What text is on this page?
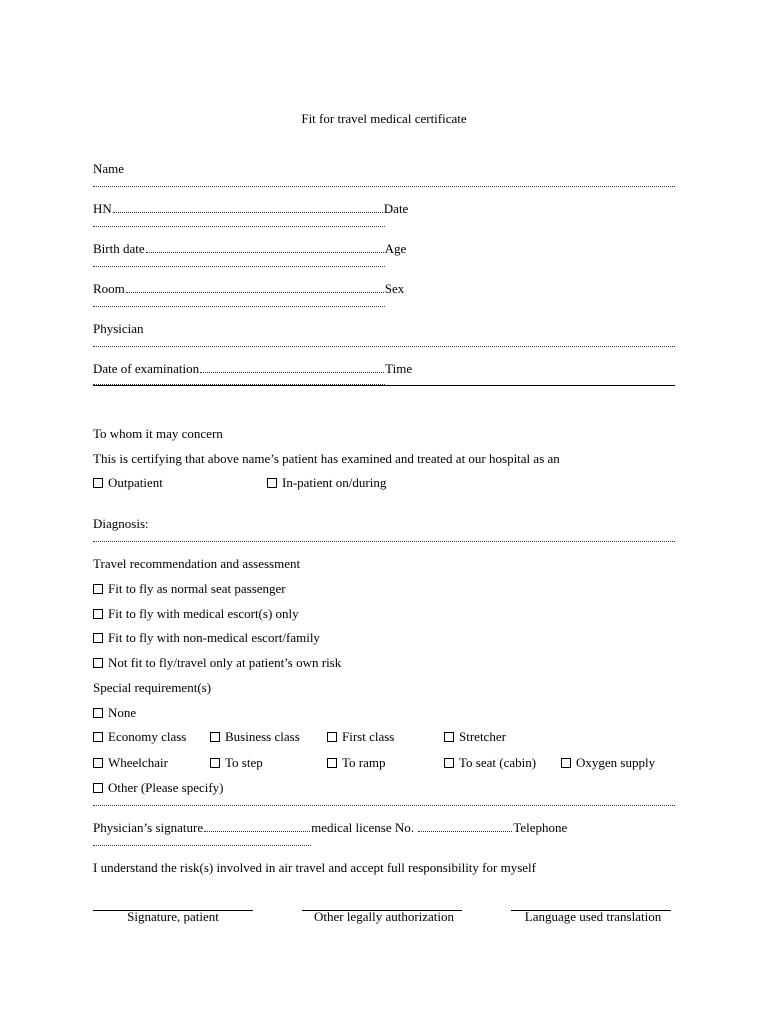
Fit for travel medical certificate
Name
HN	Date
Birth date	Age
Room	Sex
Physician
Date of examination	Time
To whom it may concern
This is certifying that above name’s patient has examined and treated at our hospital as an
Outpatient	In-patient on/during
Diagnosis:
Travel recommendation and assessment
Fit to fly as normal seat passenger
Fit to fly with medical escort(s) only
Fit to fly with non-medical escort/family
Not fit to fly/travel only at patient’s own risk
Special requirement(s)
None
Economy class	Business class	First class	Stretcher
Wheelchair	To step	To ramp	To seat (cabin)	Oxygen supply
Other (Please specify)
Physician’s signature	medical license No.	Telephone
I understand the risk(s) involved in air travel and accept full responsibility for myself
Signature, patient	Other legally authorization	Language used translation
